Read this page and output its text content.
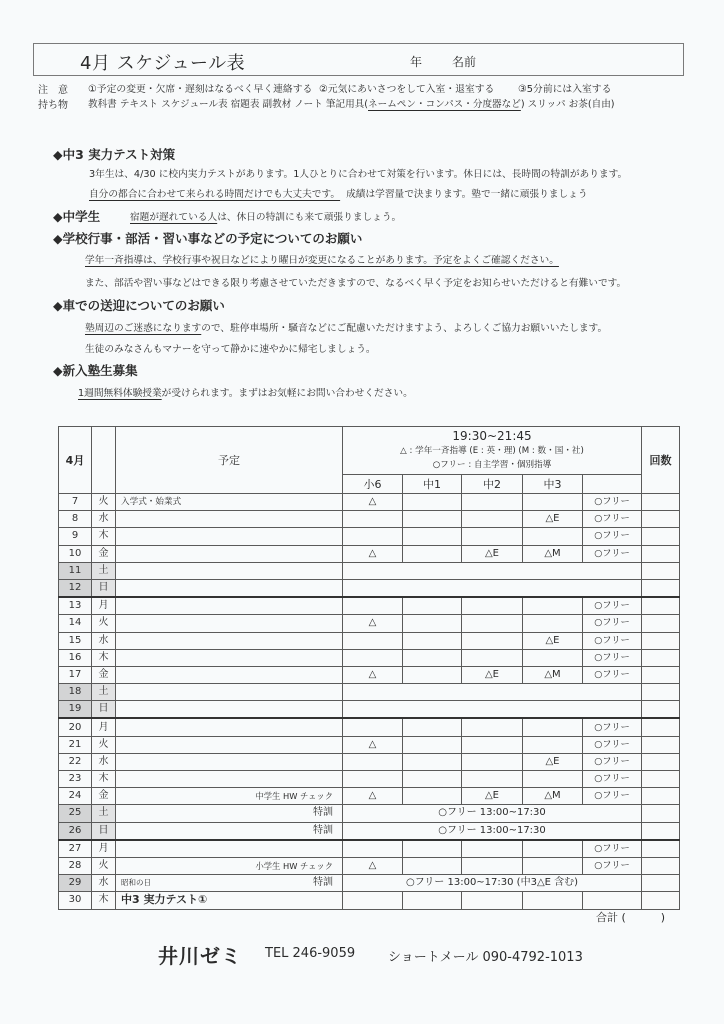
4月 スケジュール表	年 名前
注　意 ①予定の変更・欠席・遅刻はなるべく早く連絡する ②元気にあいさつをして入室・退室する ③5分前には入室する
持ち物 教科書 テキスト スケジュール表 宿題表 副教材 ノート 筆記用具(ネームペン・コンパス・分度器など) スリッパ お茶(自由)
◆中3 実力テスト対策
3年生は、4/30 に校内実力テストがあります。1人ひとりに合わせて対策を行います。休日には、長時間の特訓があります。
自分の都合に合わせて来られる時間だけでも大丈夫です。 成績は学習量で決まります。塾で一緒に頑張りましょう
◆中学生	宿題が遅れている人は、休日の特訓にも来て頑張りましょう。
◆学校行事・部活・習い事などの予定についてのお願い
学年一斉指導は、学校行事や祝日などにより曜日が変更になることがあります。予定をよくご確認ください。
また、部活や習い事などはできる限り考慮させていただきますので、なるべく早く予定をお知らせいただけると有難いです。
◆車での送迎についてのお願い
塾周辺のご迷惑になりますので、駐停車場所・騒音などにご配慮いただけますよう、よろしくご協力お願いいたします。
生徒のみなさんもマナーを守って静かに速やかに帰宅しましょう。
◆新入塾生募集
1週間無料体験授業が受けられます。まずはお気軽にお問い合わせください。
4月		予定	19:30~21:45
△ : 学年一斉指導 (E : 英・理) (M : 数・国・社)
○フリー : 自主学習・個別指導					回数
			小6	中1	中2	中3		
7	火	入学式・始業式	△				○フリー	
8	水					△E	○フリー	
9	木						○フリー	
10	金		△		△E	△M	○フリー	
11	土							
12	日							
13	月						○フリー	
14	火		△				○フリー	
15	水					△E	○フリー	
16	木						○フリー	
17	金		△		△E	△M	○フリー	
18	土							
19	日							
20	月						○フリー	
21	火		△				○フリー	
22	水					△E	○フリー	
23	木						○フリー	
24	金	中学生 HW チェック	△		△E	△M	○フリー	
25	土	特訓	○フリー 13:00~17:30					
26	日	特訓	○フリー 13:00~17:30					
27	月						○フリー	
28	火	小学生 HW チェック	△				○フリー	
29	水	昭和の日 特訓	○フリー 13:00~17:30 (中3△E 含む)					
30	木	中3 実力テスト①						

合計 (          )
井川ゼミ TEL 246-9059	ショートメール 090-4792-1013
